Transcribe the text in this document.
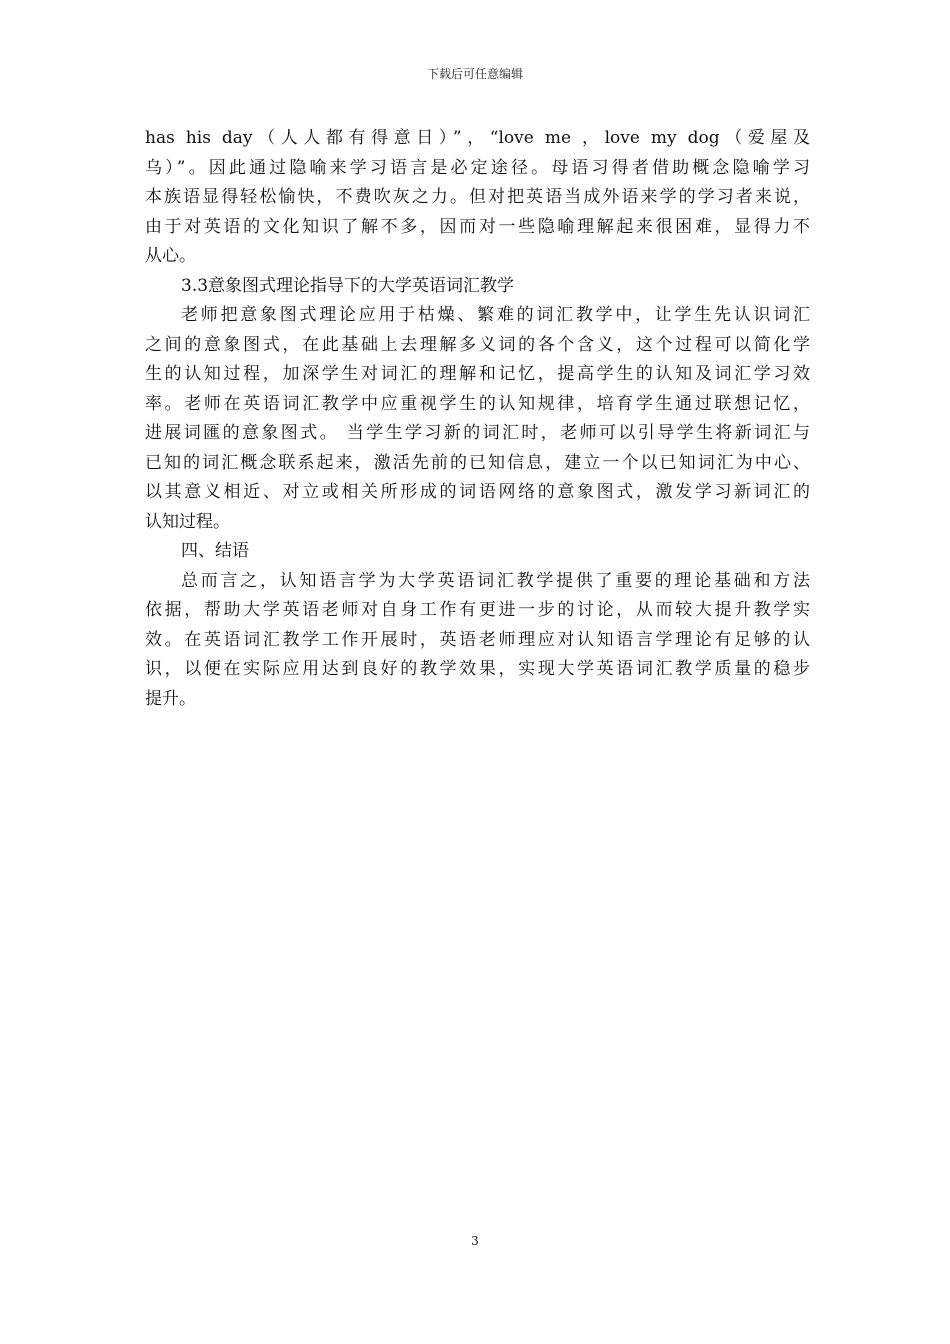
下载后可任意编辑
has his day（人人都有得意日）”，“love me ，love my dog（爱屋及
乌）”。因此通过隐喻来学习语言是必定途径。母语习得者借助概念隐喻学习
本族语显得轻松愉快，不费吹灰之力。但对把英语当成外语来学的学习者来说，
由于对英语的文化知识了解不多，因而对一些隐喻理解起来很困难，显得力不
从心。
3.3意象图式理论指导下的大学英语词汇教学
老师把意象图式理论应用于枯燥、繁难的词汇教学中，让学生先认识词汇
之间的意象图式，在此基础上去理解多义词的各个含义，这个过程可以简化学
生的认知过程，加深学生对词汇的理解和记忆，提高学生的认知及词汇学习效
率。老师在英语词汇教学中应重视学生的认知规律，培育学生通过联想记忆，
进展词匯的意象图式。 当学生学习新的词汇时，老师可以引导学生将新词汇与
已知的词汇概念联系起来，激活先前的已知信息，建立一个以已知词汇为中心、
以其意义相近、对立或相关所形成的词语网络的意象图式，激发学习新词汇的
认知过程。
四、结语
总而言之，认知语言学为大学英语词汇教学提供了重要的理论基础和方法
依据，帮助大学英语老师对自身工作有更进一步的讨论，从而较大提升教学实
效。在英语词汇教学工作开展时，英语老师理应对认知语言学理论有足够的认
识，以便在实际应用达到良好的教学效果，实现大学英语词汇教学质量的稳步
提升。
3
